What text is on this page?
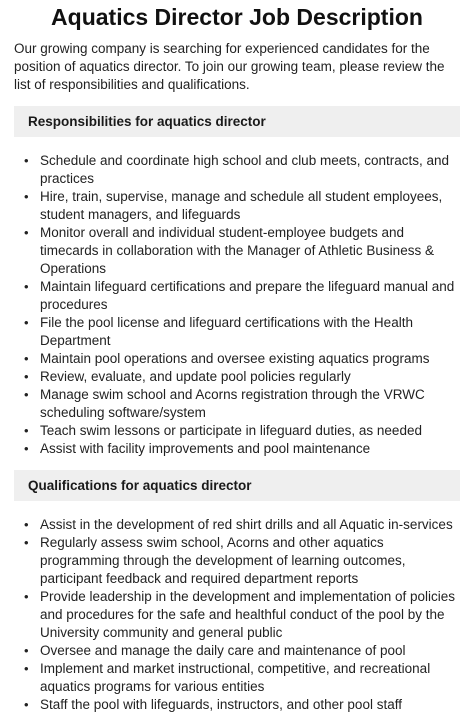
Aquatics Director Job Description

Our growing company is searching for experienced candidates for the position of aquatics director. To join our growing team, please review the list of responsibilities and qualifications.

Responsibilities for aquatics director
• Schedule and coordinate high school and club meets, contracts, and practices
• Hire, train, supervise, manage and schedule all student employees, student managers, and lifeguards
• Monitor overall and individual student-employee budgets and timecards in collaboration with the Manager of Athletic Business & Operations
• Maintain lifeguard certifications and prepare the lifeguard manual and procedures
• File the pool license and lifeguard certifications with the Health Department
• Maintain pool operations and oversee existing aquatics programs
• Review, evaluate, and update pool policies regularly
• Manage swim school and Acorns registration through the VRWC scheduling software/system
• Teach swim lessons or participate in lifeguard duties, as needed
• Assist with facility improvements and pool maintenance
Qualifications for aquatics director
• Assist in the development of red shirt drills and all Aquatic in-services
• Regularly assess swim school, Acorns and other aquatics programming through the development of learning outcomes, participant feedback and required department reports
• Provide leadership in the development and implementation of policies and procedures for the safe and healthful conduct of the pool by the University community and general public
• Oversee and manage the daily care and maintenance of pool
• Implement and market instructional, competitive, and recreational aquatics programs for various entities
• Staff the pool with lifeguards, instructors, and other pool staff
